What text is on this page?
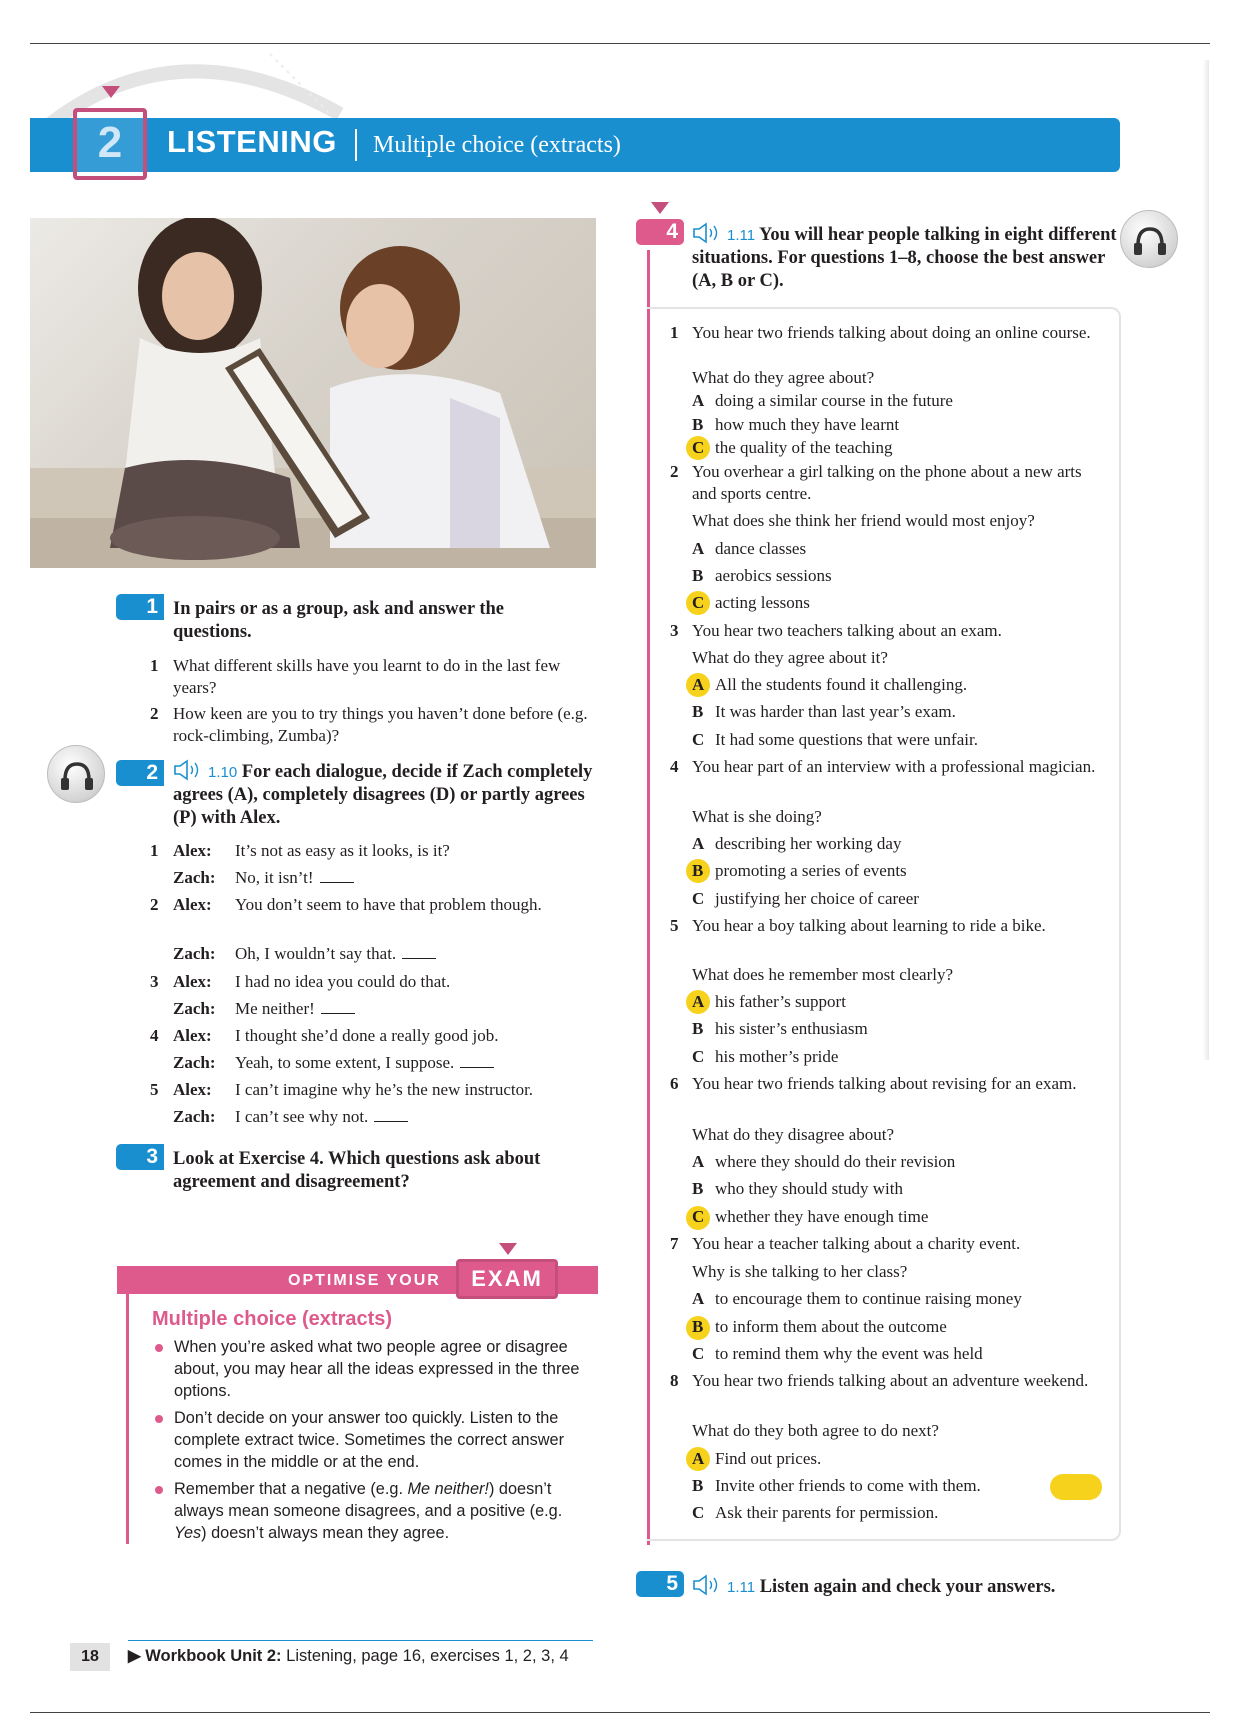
2	LISTENING Multiple choice (extracts)
1 In pairs or as a group, ask and answer the questions.
1 What different skills have you learnt to do in the last few years?
2 How keen are you to try things you haven’t done before (e.g. rock-climbing, Zumba)?
2	1.10 For each dialogue, decide if Zach completely agrees (A), completely disagrees (D) or partly agrees (P) with Alex.
1 Alex: It’s not as easy as it looks, is it?
Zach: No, it isn’t!
2 Alex: You don’t seem to have that problem though.
Zach: Oh, I wouldn’t say that.
3 Alex: I had no idea you could do that.
Zach: Me neither!
4 Alex: I thought she’d done a really good job.
Zach: Yeah, to some extent, I suppose.
5 Alex: I can’t imagine why he’s the new instructor.
Zach: I can’t see why not.
3 Look at Exercise 4. Which questions ask about agreement and disagreement?
OPTIMISE YOUR	EXAM
Multiple choice (extracts)
When you’re asked what two people agree or disagree about, you may hear all the ideas expressed in the three options.
Don’t decide on your answer too quickly. Listen to the complete extract twice. Sometimes the correct answer comes in the middle or at the end.
Remember that a negative (e.g. Me neither!) doesn’t always mean someone disagrees, and a positive (e.g. Yes) doesn’t always mean they agree.
4	1.11 You will hear people talking in eight different situations. For questions 1–8, choose the best answer (A, B or C).
1 You hear two friends talking about doing an online course.
What do they agree about?
A doing a similar course in the future
B how much they have learnt
C the quality of the teaching
2 You overhear a girl talking on the phone about a new arts and sports centre.
What does she think her friend would most enjoy?
A dance classes
B aerobics sessions
C acting lessons
3 You hear two teachers talking about an exam.
What do they agree about it?
A All the students found it challenging.
B It was harder than last year’s exam.
C It had some questions that were unfair.
4 You hear part of an interview with a professional magician.
What is she doing?
A describing her working day
B promoting a series of events
C justifying her choice of career
5 You hear a boy talking about learning to ride a bike.
What does he remember most clearly?
A his father’s support
B his sister’s enthusiasm
C his mother’s pride
6 You hear two friends talking about revising for an exam.
What do they disagree about?
A where they should do their revision
B who they should study with
C whether they have enough time
7 You hear a teacher talking about a charity event.
Why is she talking to her class?
A to encourage them to continue raising money
B to inform them about the outcome
C to remind them why the event was held
8 You hear two friends talking about an adventure weekend.
What do they both agree to do next?
A Find out prices.
B Invite other friends to come with them.
C Ask their parents for permission.
5	1.11 Listen again and check your answers.
18	▶ Workbook Unit 2: Listening, page 16, exercises 1, 2, 3, 4
